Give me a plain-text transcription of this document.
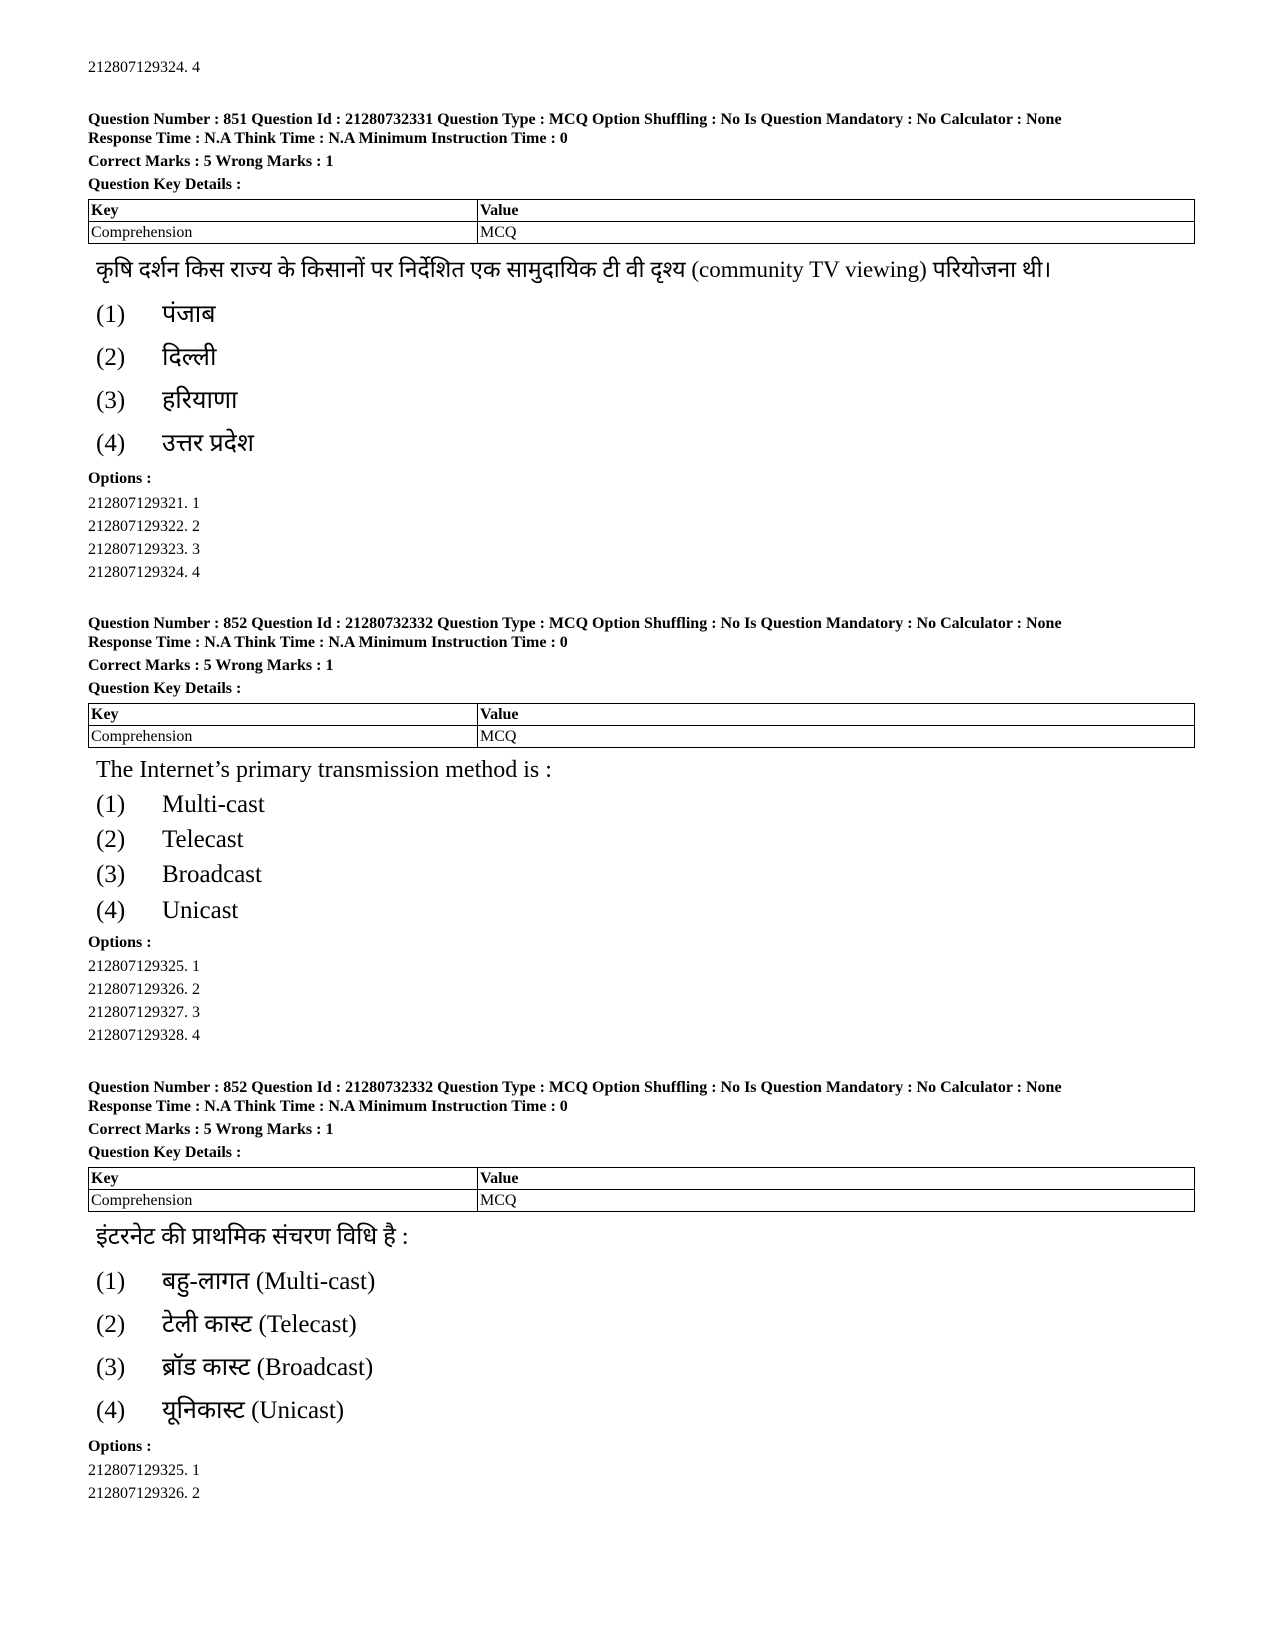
212807129324. 4
Question Number : 851 Question Id : 21280732331 Question Type : MCQ Option Shuffling : No Is Question Mandatory : No Calculator : None
Response Time : N.A Think Time : N.A Minimum Instruction Time : 0
Correct Marks : 5 Wrong Marks : 1
Question Key Details :
Key	Value
Comprehension	MCQ
कृषि दर्शन किस राज्य के किसानों पर निर्देशित एक सामुदायिक टी वी दृश्य (community TV viewing) परियोजना थी।
(1) पंजाब
(2) दिल्ली
(3) हरियाणा
(4) उत्तर प्रदेश
Options :
212807129321. 1
212807129322. 2
212807129323. 3
212807129324. 4
Question Number : 852 Question Id : 21280732332 Question Type : MCQ Option Shuffling : No Is Question Mandatory : No Calculator : None
Response Time : N.A Think Time : N.A Minimum Instruction Time : 0
Correct Marks : 5 Wrong Marks : 1
Question Key Details :
Key	Value
Comprehension	MCQ
The Internet’s primary transmission method is :
(1) Multi-cast
(2) Telecast
(3) Broadcast
(4) Unicast
Options :
212807129325. 1
212807129326. 2
212807129327. 3
212807129328. 4
Question Number : 852 Question Id : 21280732332 Question Type : MCQ Option Shuffling : No Is Question Mandatory : No Calculator : None
Response Time : N.A Think Time : N.A Minimum Instruction Time : 0
Correct Marks : 5 Wrong Marks : 1
Question Key Details :
Key	Value
Comprehension	MCQ
इंटरनेट की प्राथमिक संचरण विधि है :
(1) बहु-लागत (Multi-cast)
(2) टेली कास्ट (Telecast)
(3) ब्रॉड कास्ट (Broadcast)
(4) यूनिकास्ट (Unicast)
Options :
212807129325. 1
212807129326. 2
